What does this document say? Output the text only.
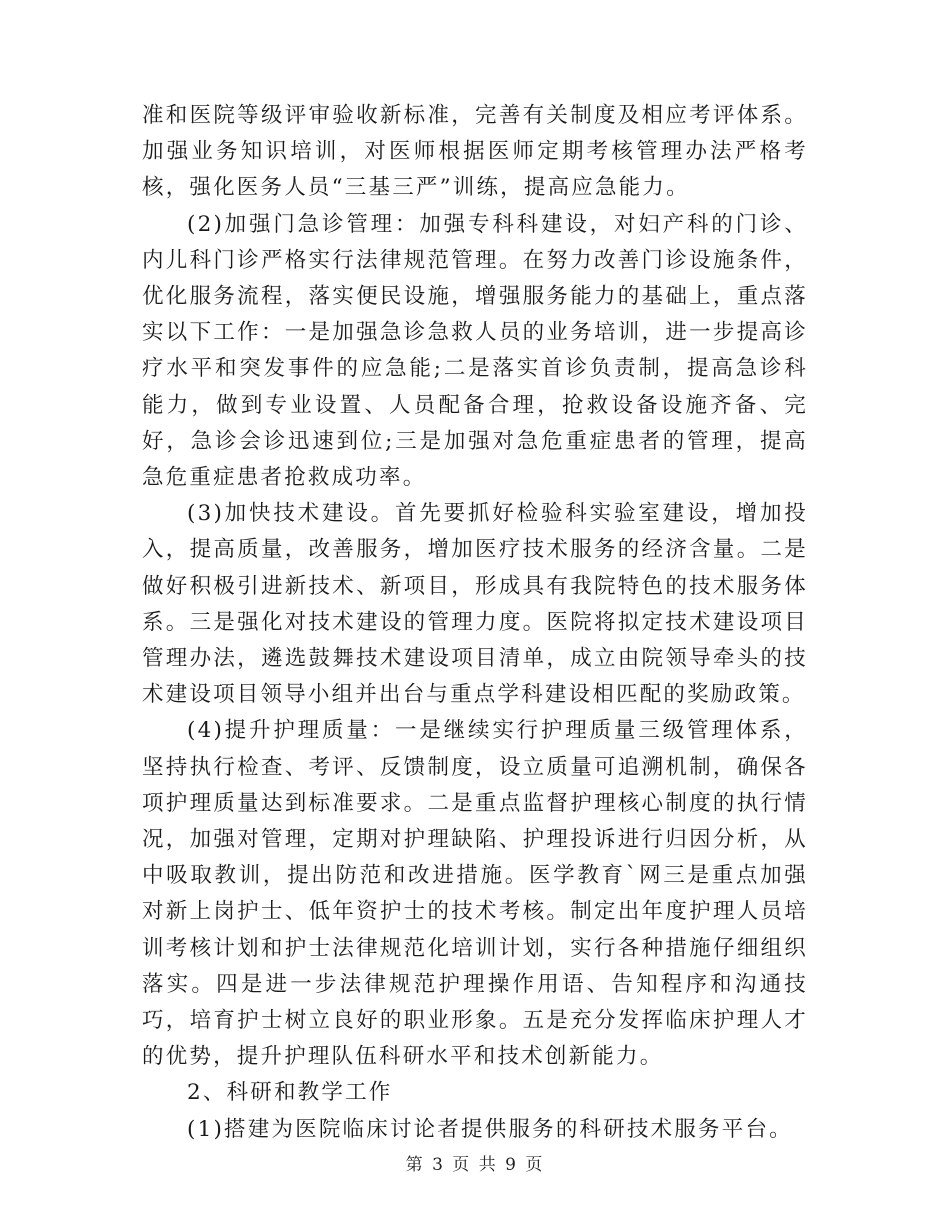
准和医院等级评审验收新标准，完善有关制度及相应考评体系。加强业务知识培训，对医师根据医师定期考核管理办法严格考核，强化医务人员“三基三严”训练，提高应急能力。

(2)加强门急诊管理：加强专科科建设，对妇产科的门诊、内儿科门诊严格实行法律规范管理。在努力改善门诊设施条件，优化服务流程，落实便民设施，增强服务能力的基础上，重点落实以下工作：一是加强急诊急救人员的业务培训，进一步提高诊疗水平和突发事件的应急能;二是落实首诊负责制，提高急诊科能力，做到专业设置、人员配备合理，抢救设备设施齐备、完好，急诊会诊迅速到位;三是加强对急危重症患者的管理，提高急危重症患者抢救成功率。

(3)加快技术建设。首先要抓好检验科实验室建设，增加投入，提高质量，改善服务，增加医疗技术服务的经济含量。二是做好积极引进新技术、新项目，形成具有我院特色的技术服务体系。三是强化对技术建设的管理力度。医院将拟定技术建设项目管理办法，遴选鼓舞技术建设项目清单，成立由院领导牵头的技术建设项目领导小组并出台与重点学科建设相匹配的奖励政策。

(4)提升护理质量：一是继续实行护理质量三级管理体系，坚持执行检查、考评、反馈制度，设立质量可追溯机制，确保各项护理质量达到标准要求。二是重点监督护理核心制度的执行情况，加强对管理，定期对护理缺陷、护理投诉进行归因分析，从中吸取教训，提出防范和改进措施。医学教育`网三是重点加强对新上岗护士、低年资护士的技术考核。制定出年度护理人员培训考核计划和护士法律规范化培训计划，实行各种措施仔细组织落实。四是进一步法律规范护理操作用语、告知程序和沟通技巧，培育护士树立良好的职业形象。五是充分发挥临床护理人才的优势，提升护理队伍科研水平和技术创新能力。

2、科研和教学工作

(1)搭建为医院临床讨论者提供服务的科研技术服务平台。

第 3 页 共 9 页
